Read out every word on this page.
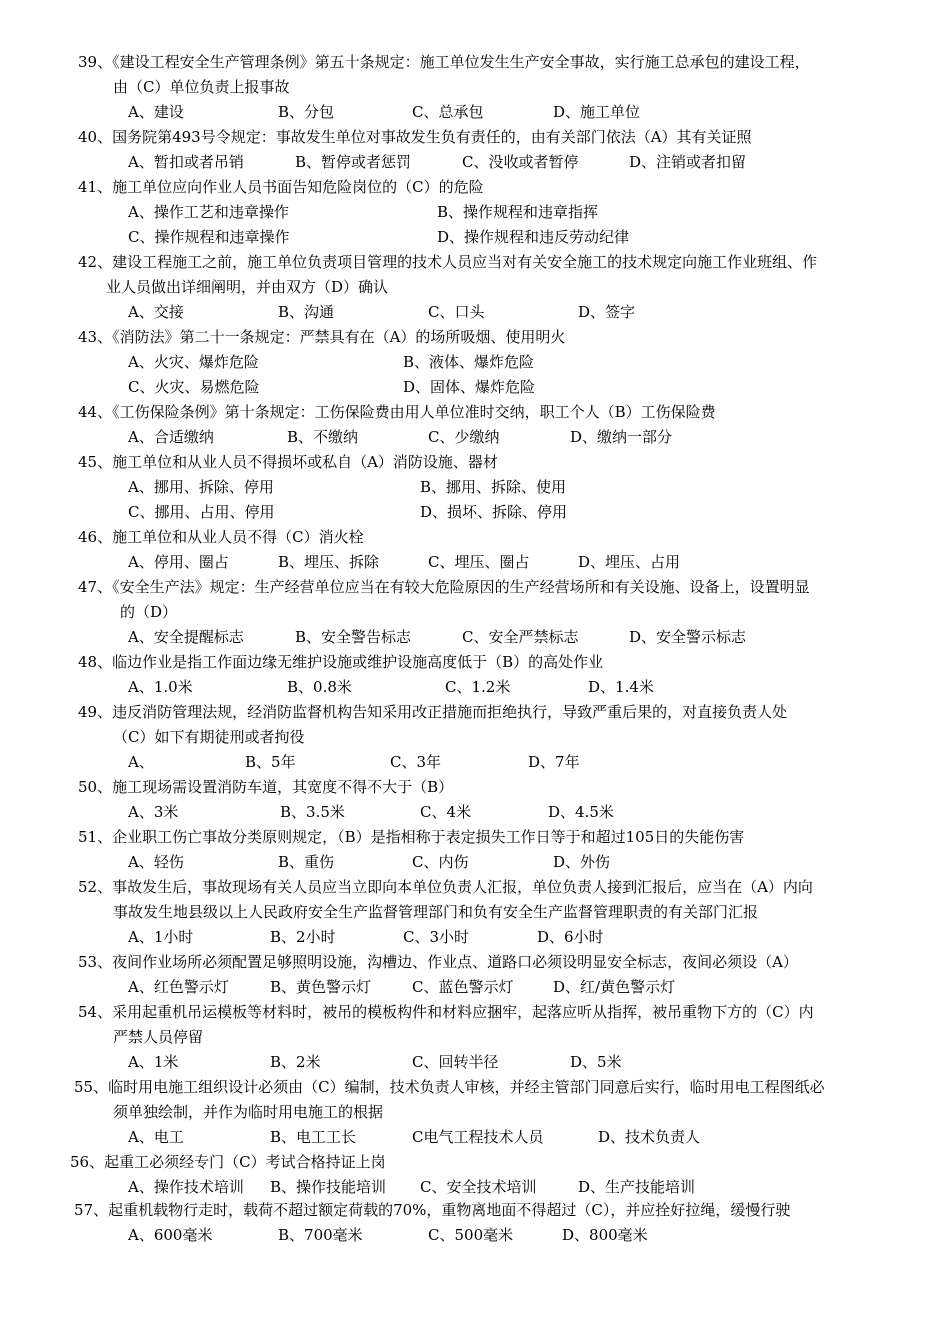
39、《建设工程安全生产管理条例》第五十条规定：施工单位发生生产安全事故，实行施工总承包的建设工程，
由（C）单位负责上报事故
A、建设	B、分包	C、总承包	D、施工单位
40、国务院第493号令规定：事故发生单位对事故发生负有责任的，由有关部门依法（A）其有关证照
A、暂扣或者吊销	B、暂停或者惩罚	C、没收或者暂停	D、注销或者扣留
41、施工单位应向作业人员书面告知危险岗位的（C）的危险
A、操作工艺和违章操作	B、操作规程和违章指挥
C、操作规程和违章操作	D、操作规程和违反劳动纪律
42、建设工程施工之前，施工单位负责项目管理的技术人员应当对有关安全施工的技术规定向施工作业班组、作
业人员做出详细阐明，并由双方（D）确认
A、交接	B、沟通	C、口头	D、签字
43、《消防法》第二十一条规定：严禁具有在（A）的场所吸烟、使用明火
A、火灾、爆炸危险	B、液体、爆炸危险
C、火灾、易燃危险	D、固体、爆炸危险
44、《工伤保险条例》第十条规定：工伤保险费由用人单位准时交纳，职工个人（B）工伤保险费
A、合适缴纳	B、不缴纳	C、少缴纳	D、缴纳一部分
45、施工单位和从业人员不得损坏或私自（A）消防设施、器材
A、挪用、拆除、停用	B、挪用、拆除、使用
C、挪用、占用、停用	D、损坏、拆除、停用
46、施工单位和从业人员不得（C）消火栓
A、停用、圈占	B、埋压、拆除	C、埋压、圈占	D、埋压、占用
47、《安全生产法》规定：生产经营单位应当在有较大危险原因的生产经营场所和有关设施、设备上，设置明显
的（D）
A、安全提醒标志	B、安全警告标志	C、安全严禁标志	D、安全警示标志
48、临边作业是指工作面边缘无维护设施或维护设施高度低于（B）的高处作业
A、1.0米	B、0.8米	C、1.2米	D、1.4米
49、违反消防管理法规，经消防监督机构告知采用改正措施而拒绝执行，导致严重后果的，对直接负责人处
（C）如下有期徒刑或者拘役
A、	B、5年	C、3年	D、7年
50、施工现场需设置消防车道，其宽度不得不大于（B）
A、3米	B、3.5米	C、4米	D、4.5米
51、企业职工伤亡事故分类原则规定，（B）是指相称于表定损失工作日等于和超过105日的失能伤害
A、轻伤	B、重伤	C、内伤	D、外伤
52、事故发生后，事故现场有关人员应当立即向本单位负责人汇报，单位负责人接到汇报后，应当在（A）内向
事故发生地县级以上人民政府安全生产监督管理部门和负有安全生产监督管理职责的有关部门汇报
A、1小时	B、2小时	C、3小时	D、6小时
53、夜间作业场所必须配置足够照明设施，沟槽边、作业点、道路口必须设明显安全标志，夜间必须设（A）
A、红色警示灯	B、黄色警示灯	C、蓝色警示灯	D、红/黄色警示灯
54、采用起重机吊运模板等材料时，被吊的模板构件和材料应捆牢，起落应听从指挥，被吊重物下方的（C）内
严禁人员停留
A、1米	B、2米	C、回转半径	D、5米
55、临时用电施工组织设计必须由（C）编制，技术负责人审核，并经主管部门同意后实行，临时用电工程图纸必
须单独绘制，并作为临时用电施工的根据
A、电工	B、电工工长	C电气工程技术人员	D、技术负责人
56、起重工必须经专门（C）考试合格持证上岗
A、操作技术培训 B、操作技能培训 C、安全技术培训	D、生产技能培训
57、起重机载物行走时，载荷不超过额定荷载的70%，重物离地面不得超过（C），并应拴好拉绳，缓慢行驶
A、600毫米	B、700毫米	C、500毫米	D、800毫米
